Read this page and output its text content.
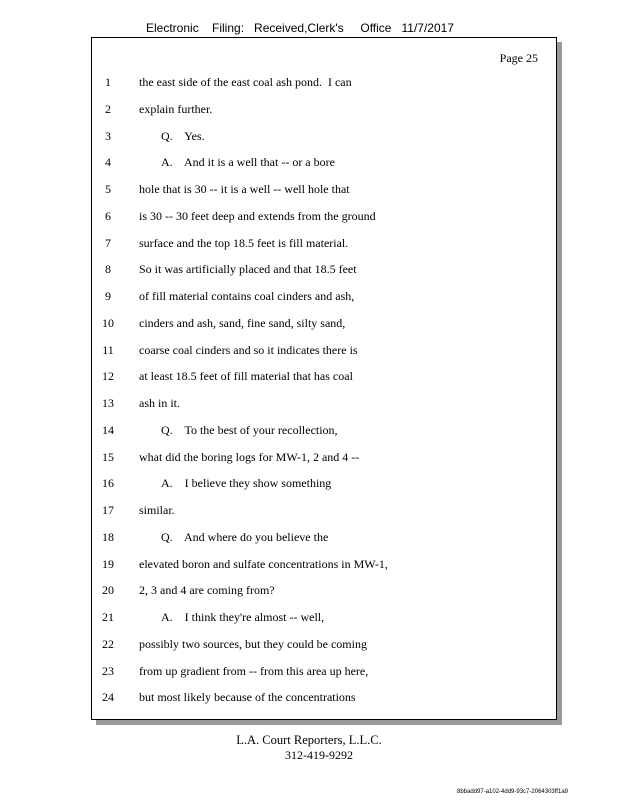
Electronic    Filing:   Received,Clerk's     Office   11/7/2017
Page 25
1	the east side of the east coal ash pond.  I can
2	explain further.
3	Q.    Yes.
4	A.    And it is a well that -- or a bore
5	hole that is 30 -- it is a well -- well hole that
6	is 30 -- 30 feet deep and extends from the ground
7	surface and the top 18.5 feet is fill material.
8	So it was artificially placed and that 18.5 feet
9	of fill material contains coal cinders and ash,
10	cinders and ash, sand, fine sand, silty sand,
11	coarse coal cinders and so it indicates there is
12	at least 18.5 feet of fill material that has coal
13	ash in it.
14	Q.    To the best of your recollection,
15	what did the boring logs for MW-1, 2 and 4 --
16	A.    I believe they show something
17	similar.
18	Q.    And where do you believe the
19	elevated boron and sulfate concentrations in MW-1,
20	2, 3 and 4 are coming from?
21	A.    I think they're almost -- well,
22	possibly two sources, but they could be coming
23	from up gradient from -- from this area up here,
24	but most likely because of the concentrations
L.A. Court Reporters, L.L.C.
312-419-9292
8bbadd97-a102-4dd9-93c7-2064303ff1a9
